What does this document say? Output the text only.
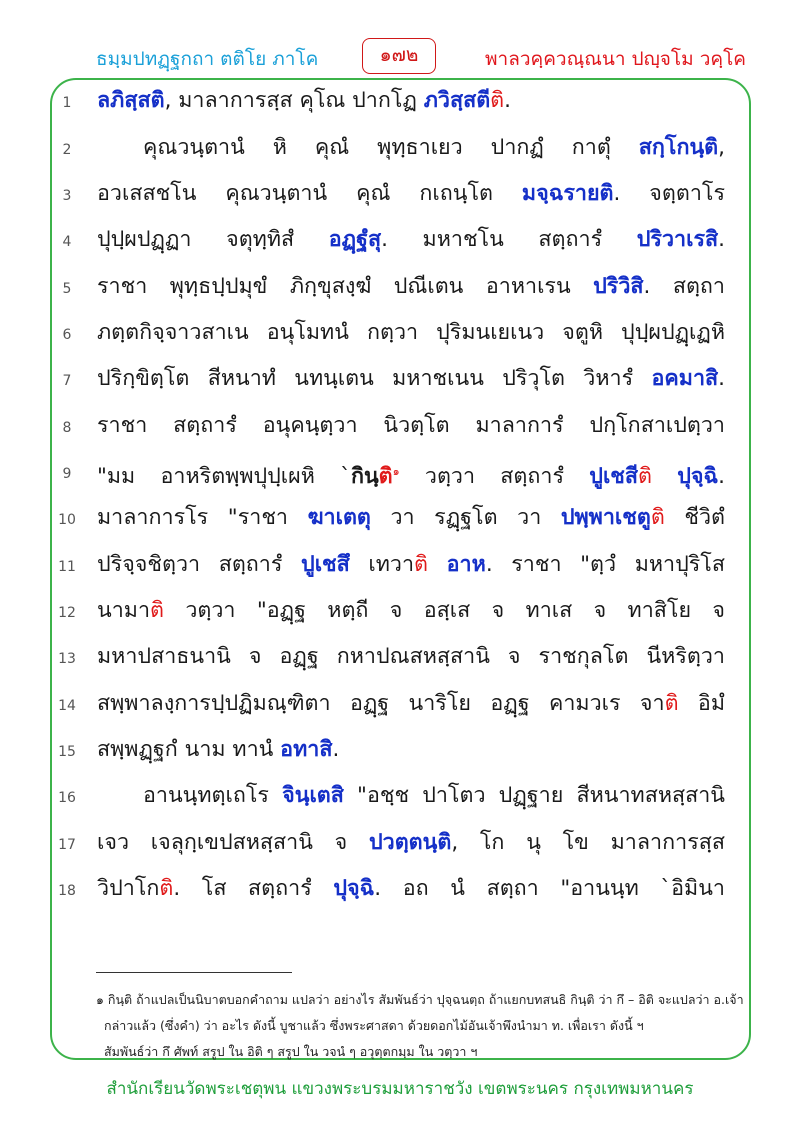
ธมฺมปทฏฺฐกถา ตติโย ภาโค	๑๗๒	พาลวคฺควณฺณนา ปญฺจโม วคฺโค
1
2
3
4
5
6
7
8
9
10
11
12
13
14
15
16
17
18
ลภิสฺสติ, มาลาการสฺส คุโณ ปากโฏ ภวิสฺสตีติ.
คุณวนฺตานํ หิ คุณํ พุทฺธาเยว ปากฏํ กาตุํ สกฺโกนฺติ,
อวเสสชโน คุณวนฺตานํ คุณํ กเถนฺโต มจฺฉรายติ. จตฺตาโร
ปุปฺผปฏฺฏา จตุทฺทิสํ อฏฺฐํสุ. มหาชโน สตฺถารํ ปริวาเรสิ.
ราชา พุทฺธปฺปมุขํ ภิกฺขุสงฺฆํ ปณีเตน อาหาเรน ปริวิสิ. สตฺถา
ภตฺตกิจฺจาวสาเน อนุโมทนํ กตฺวา ปุริมนเยเนว จตูหิ ปุปฺผปฏฺเฏหิ
ปริกฺขิตฺโต สีหนาทํ นทนฺเตน มหาชเนน ปริวุโต วิหารํ อคมาสิ.
ราชา สตฺถารํ อนุคนฺตฺวา นิวตฺโต มาลาการํ ปกฺโกสาเปตฺวา
"มม อาหริตพฺพปุปฺเผหิ `กินฺติ$^๑$ วตฺวา สตฺถารํ ปูเชสีติ ปุจฺฉิ.
มาลาการโร "ราชา ฆาเตตุ วา รฏฺฐโต วา ปพฺพาเชตูติ ชีวิตํ
ปริจฺจชิตฺวา สตฺถารํ ปูเชสึ เทวาติ อาห. ราชา "ตฺวํ มหาปุริโส
นามาติ วตฺวา "อฏฺฐ หตฺถี จ อสฺเส จ ทาเส จ ทาสิโย จ
มหาปสาธนานิ จ อฏฺฐ กหาปณสหสฺสานิ จ ราชกุลโต นีหริตฺวา
สพฺพาลงฺการปฺปฏิมณฺฑิตา อฏฺฐ นาริโย อฏฺฐ คามวเร จาติ อิมํ
สพฺพฏฺฐกํ นาม ทานํ อทาสิ.
อานนฺทตฺเถโร จินฺเตสิ "อชฺช ปาโตว ปฏฺฐาย สีหนาทสหสฺสานิ
เจว เจลุกฺเขปสหสฺสานิ จ ปวตฺตนฺติ, โก นุ โข มาลาการสฺส
วิปาโกติ. โส สตฺถารํ ปุจฺฉิ. อถ นํ สตฺถา "อานนฺท `อิมินา
๑ กินฺติ ถ้าแปลเป็นนิบาตบอกคำถาม แปลว่า อย่างไร สัมพันธ์ว่า ปุจฺฉนตฺถ ถ้าแยกบทสนธิ กินฺติ ว่า กึ – อิติ จะแปลว่า อ.เจ้า
กล่าวแล้ว (ซึ่งคำ) ว่า อะไร ดังนี้ บูชาแล้ว ซึ่งพระศาสดา ด้วยดอกไม้อันเจ้าพึงนำมา ท. เพื่อเรา ดังนี้ ฯ
สัมพันธ์ว่า กึ ศัพท์ สรูป ใน อิติ ๆ สรูป ใน วจนํ ๆ อวุตฺตกมฺม ใน วตฺวา ฯ
สำนักเรียนวัดพระเชตุพน แขวงพระบรมมหาราชวัง เขตพระนคร กรุงเทพมหานคร
